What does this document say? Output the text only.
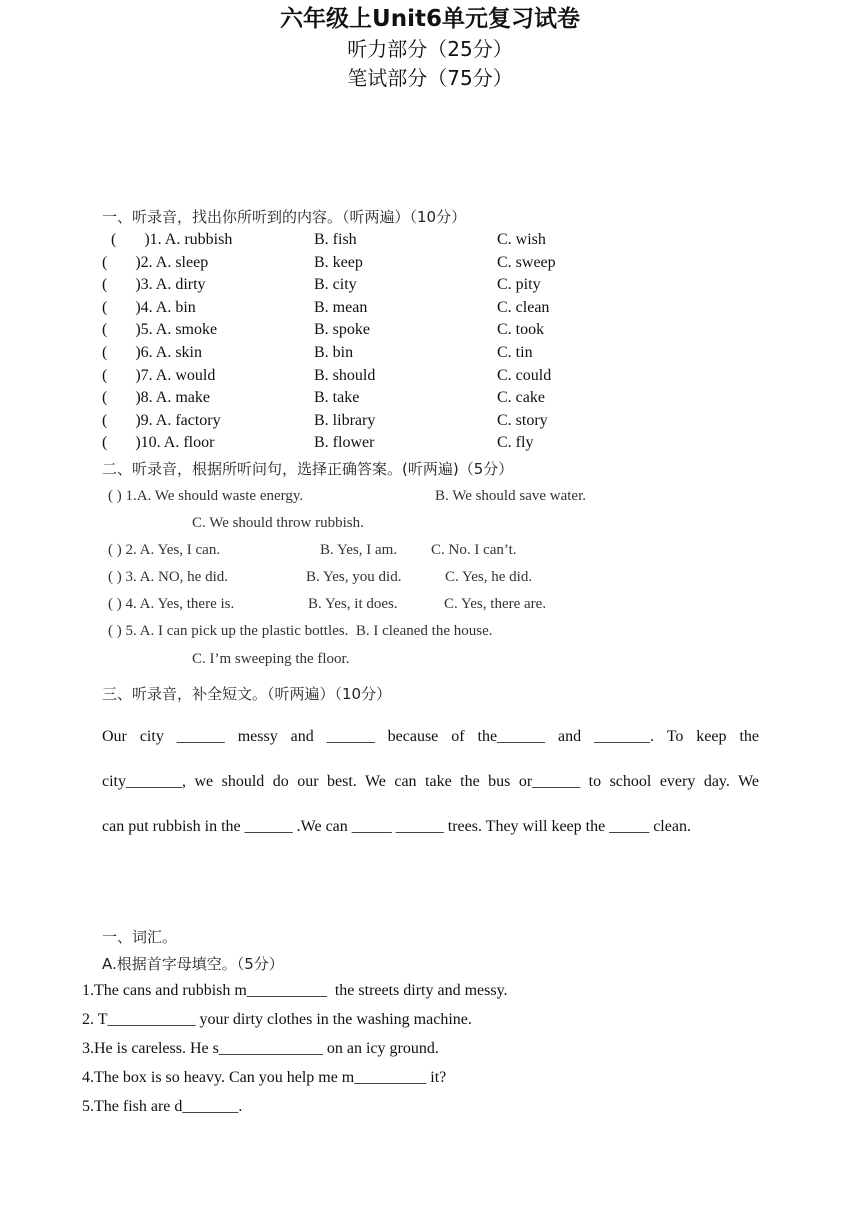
六年级上Unit6单元复习试卷
听力部分（25分）
一、听录音，找出你所听到的内容。（听两遍）（10分）
(       )1. A. rubbish	B. fish	C. wish
(       )2. A. sleep	B. keep	C. sweep
(       )3. A. dirty	B. city	C. pity
(       )4. A. bin	B. mean	C. clean
(       )5. A. smoke	B. spoke	C. took
(       )6. A. skin	B. bin	C. tin
(       )7. A. would	B. should	C. could
(       )8. A. make	B. take	C. cake
(       )9. A. factory	B. library	C. story
(       )10. A. floor	B. flower	C. fly
二、听录音，根据所听问句，选择正确答案。(听两遍)（5分）
( ) 1.A. We should waste energy.	B. We should save water.
C. We should throw rubbish.
( ) 2. A. Yes, I can.	B. Yes, I am. C. No. I can’t.
( ) 3. A. NO, he did.	B. Yes, you did.	C. Yes, he did.
( ) 4. A. Yes, there is.	B. Yes, it does.	C. Yes, there are.
( ) 5. A. I can pick up the plastic bottles.  B. I cleaned the house.
C. I’m sweeping the floor.
三、听录音，补全短文。（听两遍）（10分）
Our city ______ messy and ______ because of the______ and _______. To keep the
city_______, we should do our best. We can take the bus or______ to school every day. We
can put rubbish in the ______ .We can _____ ______ trees. They will keep the _____ clean.
笔试部分（75分）
一、词汇。
A.根据首字母填空。（5分）
1.The cans and rubbish m__________  the streets dirty and messy.
2. T___________ your dirty clothes in the washing machine.
3.He is careless. He s_____________ on an icy ground.
4.The box is so heavy. Can you help me m_________ it?
5.The fish are d_______.
